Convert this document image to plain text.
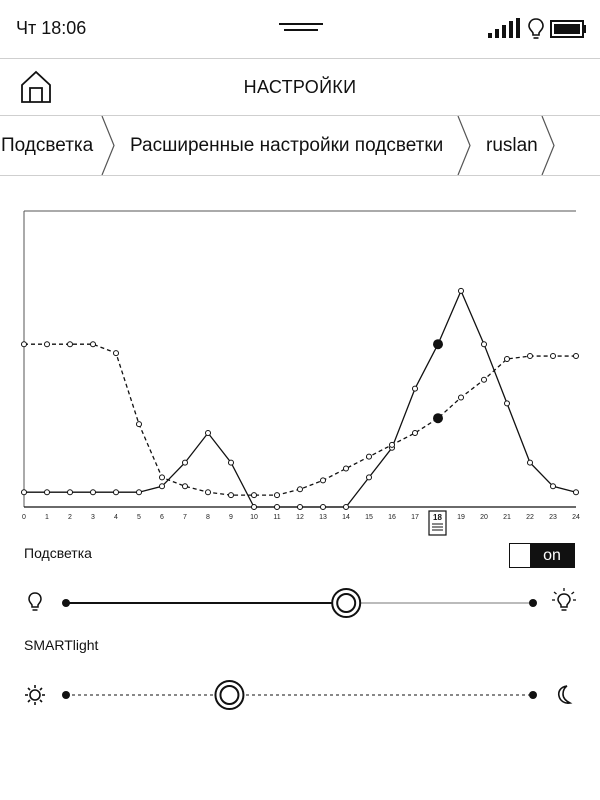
Чт 18:06
НАСТРОЙКИ
Подсветка Расширенные настройки подсветки ruslan
0	1	2	3	4	5	6	7	8	9 10 11 12 13 14 15 16 17	19 20 21 22 23 24
18
Подсветка	on
SMARTlight
